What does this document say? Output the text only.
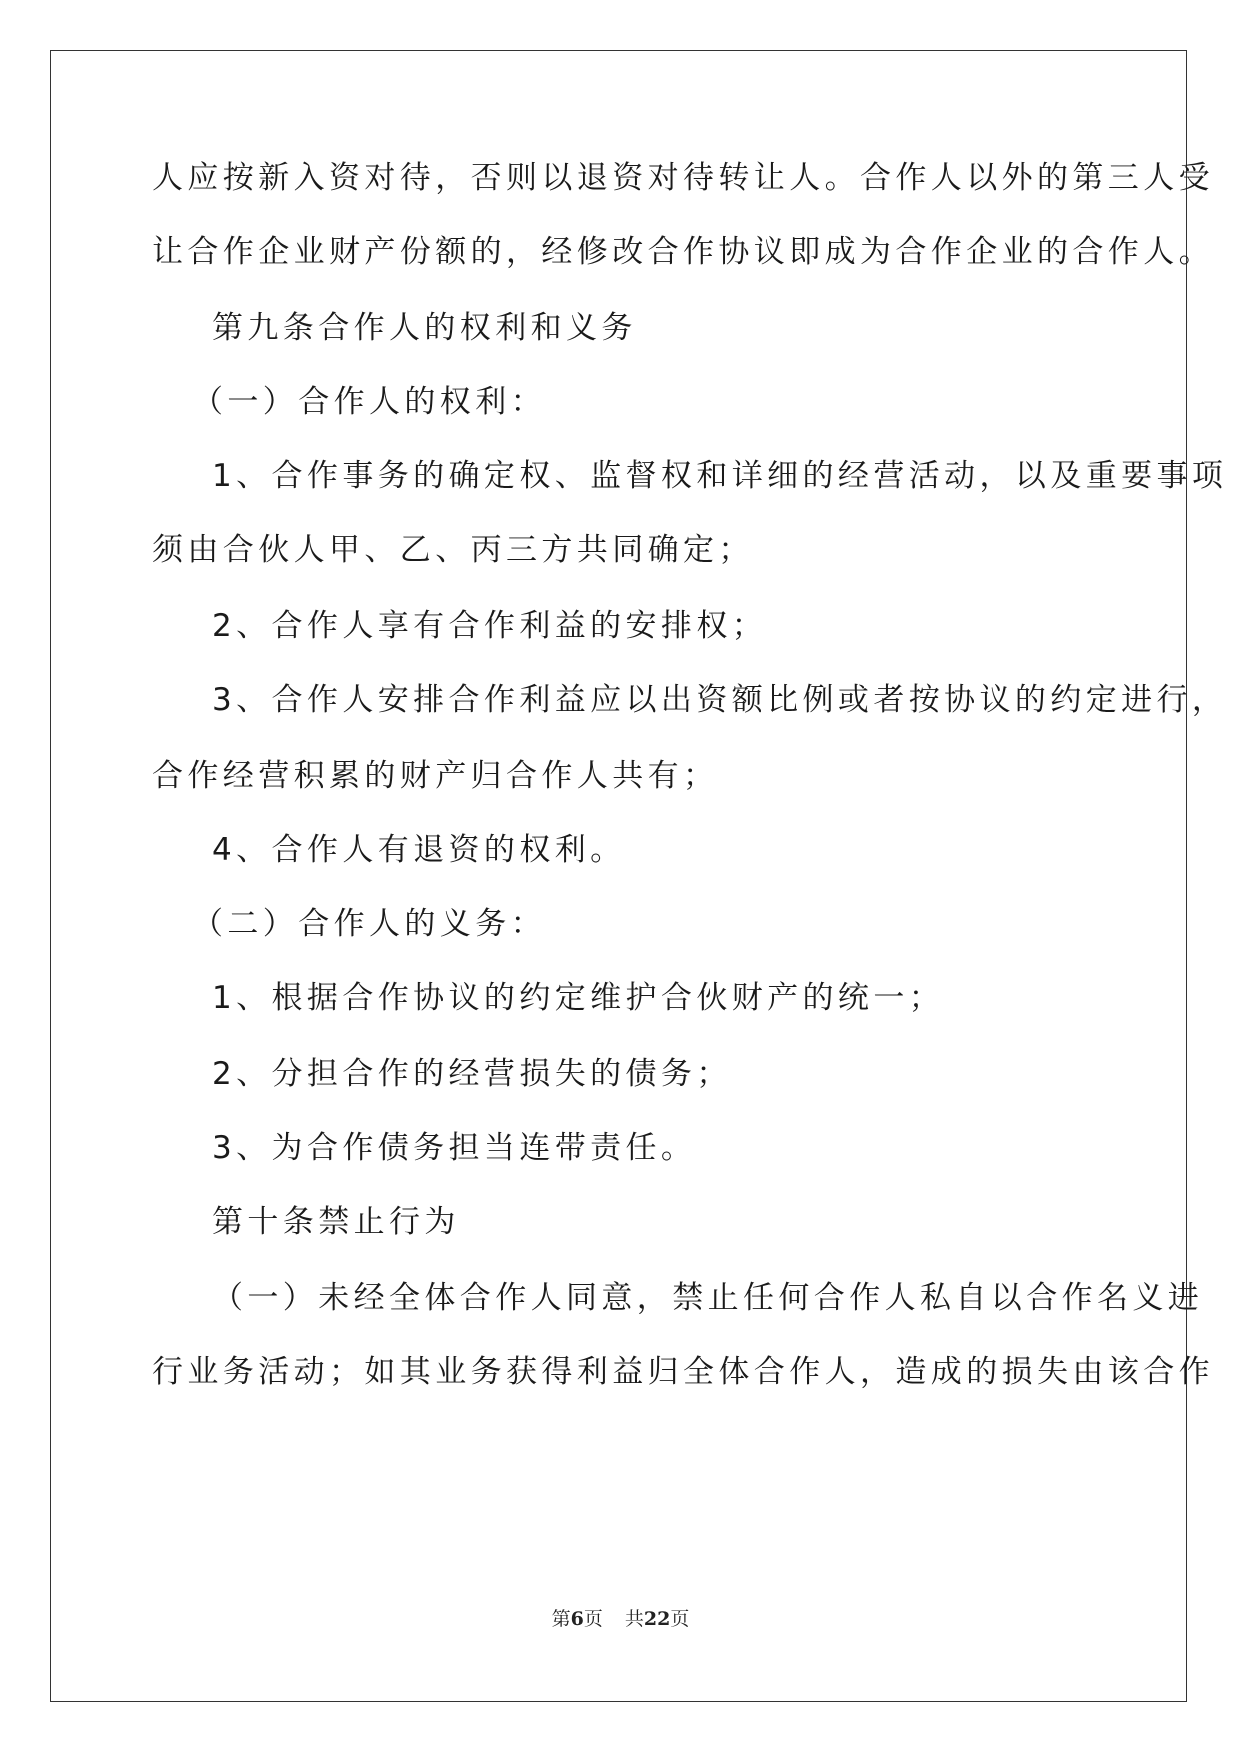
人应按新入资对待，否则以退资对待转让人。合作人以外的第三人受
让合作企业财产份额的，经修改合作协议即成为合作企业的合作人。
第九条合作人的权利和义务
（一）合作人的权利：
1、合作事务的确定权、监督权和详细的经营活动，以及重要事项
须由合伙人甲、乙、丙三方共同确定；
2、合作人享有合作利益的安排权；
3、合作人安排合作利益应以出资额比例或者按协议的约定进行，
合作经营积累的财产归合作人共有；
4、合作人有退资的权利。
（二）合作人的义务：
1、根据合作协议的约定维护合伙财产的统一；
2、分担合作的经营损失的债务；
3、为合作债务担当连带责任。
第十条禁止行为
（一）未经全体合作人同意，禁止任何合作人私自以合作名义进
行业务活动；如其业务获得利益归全体合作人，造成的损失由该合作
第6页 共22页
